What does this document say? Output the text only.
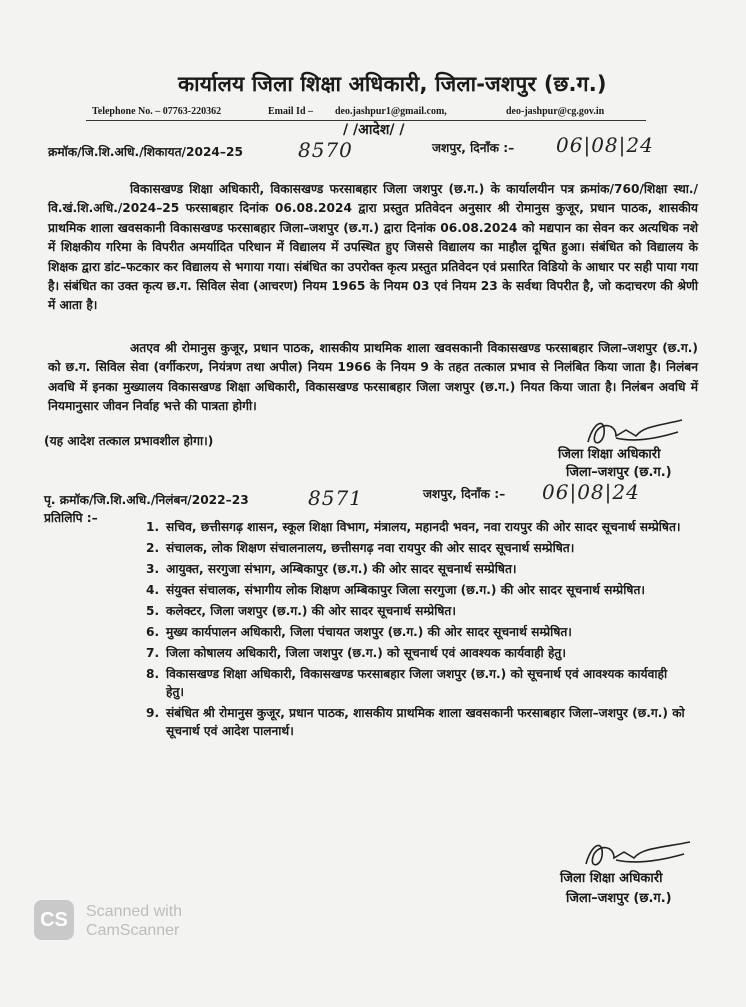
कार्यालय जिला शिक्षा अधिकारी, जिला-जशपुर (छ.ग.)
Telephone No. – 07763-220362	Email Id – deo.jashpur1@gmail.com,	deo-jashpur@cg.gov.in
/ /आदेश/ /
क्रमॉक/जि.शि.अधि./शिकायत/2024–25	8570	जशपुर, दिनाँक :– 06|08|24
विकासखण्ड शिक्षा अधिकारी, विकासखण्ड फरसाबहार जिला जशपुर (छ.ग.) के कार्यालयीन पत्र क्रमांक/760/शिक्षा स्था./वि.खं.शि.अधि./2024–25 फरसाबहार दिनांक 06.08.2024 द्वारा प्रस्तुत प्रतिवेदन अनुसार श्री रोमानुस कुजूर, प्रधान पाठक, शासकीय प्राथमिक शाला खवसकानी विकासखण्ड फरसाबहार जिला–जशपुर (छ.ग.) द्वारा दिनांक 06.08.2024 को मद्यपान का सेवन कर अत्यधिक नशे में शिक्षकीय गरिमा के विपरीत अमर्यादित परिधान में विद्यालय में उपस्थित हुए जिससे विद्यालय का माहौल दूषित हुआ। संबंधित को विद्यालय के शिक्षक द्वारा डांट–फटकार कर विद्यालय से भगाया गया। संबंधित का उपरोक्त कृत्य प्रस्तुत प्रतिवेदन एवं प्रसारित विडियो के आधार पर सही पाया गया है। संबंधित का उक्त कृत्य छ.ग. सिविल सेवा (आचरण) नियम 1965 के नियम 03 एवं नियम 23 के सर्वथा विपरीत है, जो कदाचरण की श्रेणी में आता है।
अतएव श्री रोमानुस कुजूर, प्रधान पाठक, शासकीय प्राथमिक शाला खवसकानी विकासखण्ड फरसाबहार जिला–जशपुर (छ.ग.) को छ.ग. सिविल सेवा (वर्गीकरण, नियंत्रण तथा अपील) नियम 1966 के नियम 9 के तहत तत्काल प्रभाव से निलंबित किया जाता है। निलंबन अवधि में इनका मुख्यालय विकासखण्ड शिक्षा अधिकारी, विकासखण्ड फरसाबहार जिला जशपुर (छ.ग.) नियत किया जाता है। निलंबन अवधि में नियमानुसार जीवन निर्वाह भत्ते की पात्रता होगी।
(यह आदेश तत्काल प्रभावशील होगा।)
जिला शिक्षा अधिकारी
जिला–जशपुर (छ.ग.)
पृ. क्रमॉक/जि.शि.अधि./निलंबन/2022–23	8571	जशपुर, दिनाँक :– 06|08|24
प्रतिलिपि :–
1. सचिव, छत्तीसगढ़ शासन, स्कूल शिक्षा विभाग, मंत्रालय, महानदी भवन, नवा रायपुर की ओर सादर सूचनार्थ सम्प्रेषित।
2. संचालक, लोक शिक्षण संचालनालय, छत्तीसगढ़ नवा रायपुर की ओर सादर सूचनार्थ सम्प्रेषित।
3. आयुक्त, सरगुजा संभाग, अम्बिकापुर (छ.ग.) की ओर सादर सूचनार्थ सम्प्रेषित।
4. संयुक्त संचालक, संभागीय लोक शिक्षण अम्बिकापुर जिला सरगुजा (छ.ग.) की ओर सादर सूचनार्थ सम्प्रेषित।
5. कलेक्टर, जिला जशपुर (छ.ग.) की ओर सादर सूचनार्थ सम्प्रेषित।
6. मुख्य कार्यपालन अधिकारी, जिला पंचायत जशपुर (छ.ग.) की ओर सादर सूचनार्थ सम्प्रेषित।
7. जिला कोषालय अधिकारी, जिला जशपुर (छ.ग.) को सूचनार्थ एवं आवश्यक कार्यवाही हेतु।
8. विकासखण्ड शिक्षा अधिकारी, विकासखण्ड फरसाबहार जिला जशपुर (छ.ग.) को सूचनार्थ एवं आवश्यक कार्यवाही हेतु।
9. संबंधित श्री रोमानुस कुजूर, प्रधान पाठक, शासकीय प्राथमिक शाला खवसकानी फरसाबहार जिला–जशपुर (छ.ग.) को सूचनार्थ एवं आदेश पालनार्थ।
जिला शिक्षा अधिकारी
जिला–जशपुर (छ.ग.)
CS	Scanned with
CamScanner
